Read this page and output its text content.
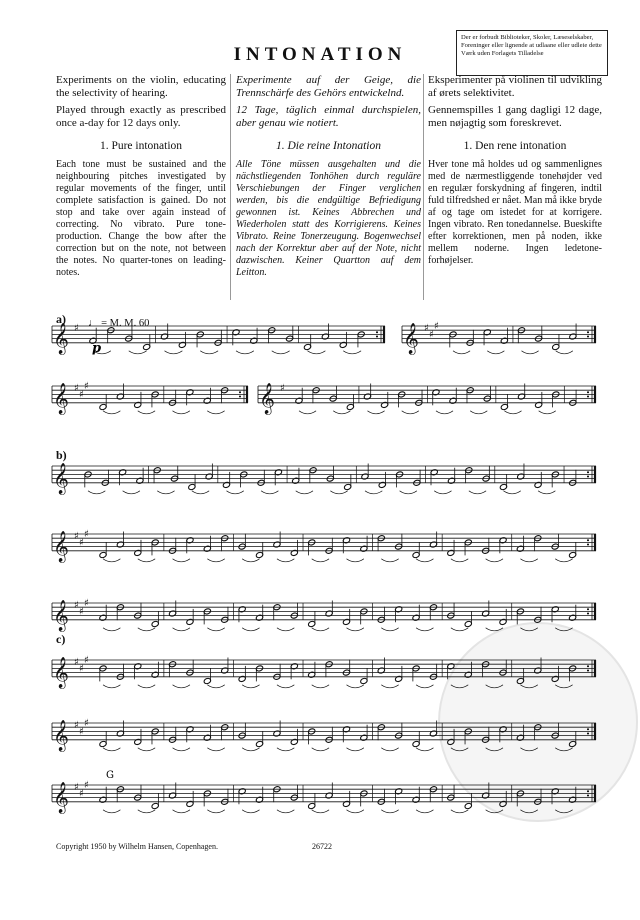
INTONATION
Der er forbudt Biblioteker, Skoler, Læseselskaber, Foreninger eller lignende at udlaane eller udleie dette Værk uden Forlagets Tilladelse

Experiments on the violin, educating the selectivity of hearing.

Played through exactly as prescribed once a-day for 12 days only.

1. Pure intonation

Each tone must be sustained and the neighbouring pitches investigated by regular movements of the finger, until complete satisfaction is gained. Do not stop and take over again instead of correcting. No vibrato. Pure tone-production. Change the bow after the correction but on the note, not between the notes. No quarter-tones on leading-notes.

Experimente auf der Geige, die Trennschärfe des Gehörs entwickelnd.

12 Tage, täglich einmal durchspielen, aber genau wie notiert.

1. Die reine Intonation

Alle Töne müssen ausgehalten und die nächstliegenden Tonhöhen durch reguläre Verschiebungen der Finger verglichen werden, bis die endgültige Befriedigung gewonnen ist. Keines Abbrechen und Wiederholen statt des Korrigierens. Keines Vibrato. Reine Tonerzeugung. Bogenwechsel nach der Korrektur aber auf der Note, nicht dazwischen. Keiner Quartton auf dem Leitton.

Eksperimenter på violinen til udvikling af ørets selektivitet.

Gennemspilles 1 gang dagligi 12 dage, men nøjagtig som foreskrevet.

1. Den rene intonation

Hver tone må holdes ud og sammenlignes med de nærmestliggende tonehøjder ved en regulær forskydning af fingeren, indtil fuld tilfredshed er nået. Man må ikke bryde af og tage om istedet for at korrigere. Ingen vibrato. Ren tonedannelse. Bueskifte efter korrektionen, men på noden, ikke mellem noderne. Ingen ledetone-forhøjelser.

a) ♩ = M. M. 60
b)
c)
𝄞 ♯	𝄞 ♯
♯
♯
𝄞 ♯
♯
♯	𝄞 ♯
𝄞
𝄞 ♯
♯
♯
𝄞 ♯
♯
♯
𝄞 ♯
♯
♯
𝄞 ♯
♯
♯
𝄞 ♯
♯
♯
p
G
Copyright 1950 by Wilhelm Hansen, Copenhagen.	26722
